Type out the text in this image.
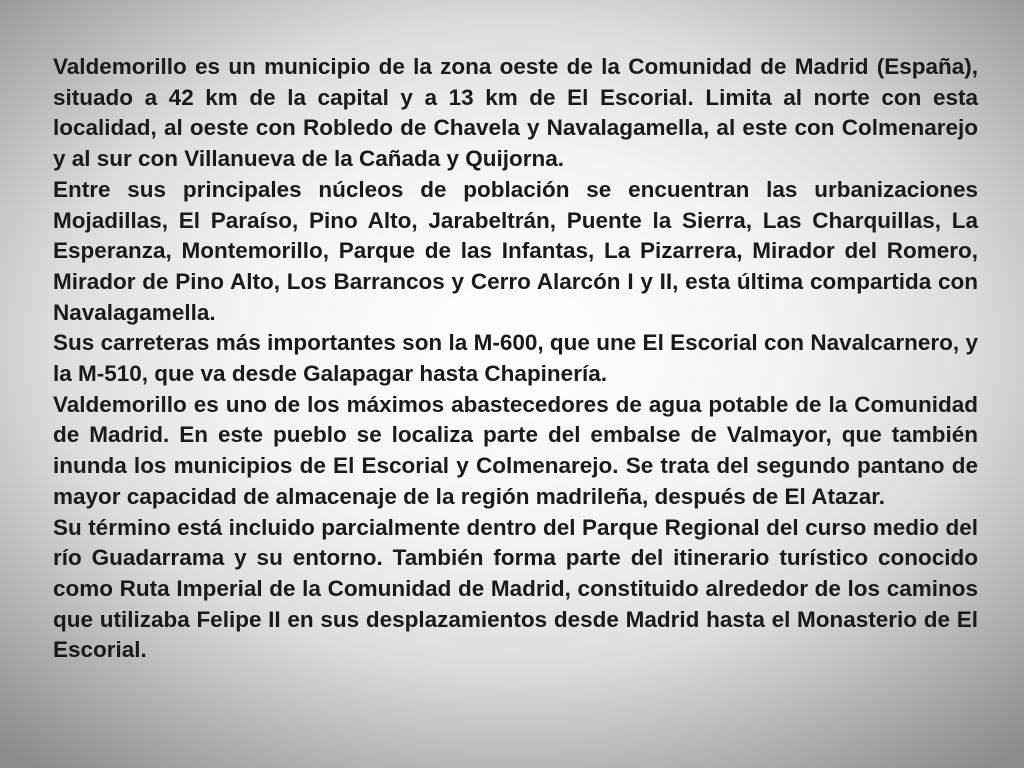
Valdemorillo es un municipio de la zona oeste de la Comunidad de Madrid (España), situado a 42 km de la capital y a 13 km de El Escorial. Limita al norte con esta localidad, al oeste con Robledo de Chavela y Navalagamella, al este con Colmenarejo y al sur con Villanueva de la Cañada y Quijorna.

Entre sus principales núcleos de población se encuentran las urbanizaciones Mojadillas, El Paraíso, Pino Alto, Jarabeltrán, Puente la Sierra, Las Charquillas, La Esperanza, Montemorillo, Parque de las Infantas, La Pizarrera, Mirador del Romero, Mirador de Pino Alto, Los Barrancos y Cerro Alarcón I y II, esta última compartida con Navalagamella.

Sus carreteras más importantes son la M-600, que une El Escorial con Navalcarnero, y la M-510, que va desde Galapagar hasta Chapinería.

Valdemorillo es uno de los máximos abastecedores de agua potable de la Comunidad de Madrid. En este pueblo se localiza parte del embalse de Valmayor, que también inunda los municipios de El Escorial y Colmenarejo. Se trata del segundo pantano de mayor capacidad de almacenaje de la región madrileña, después de El Atazar.

Su término está incluido parcialmente dentro del Parque Regional del curso medio del río Guadarrama y su entorno. También forma parte del itinerario turístico conocido como Ruta Imperial de la Comunidad de Madrid, constituido alrededor de los caminos que utilizaba Felipe II en sus desplazamientos desde Madrid hasta el Monasterio de El Escorial.
